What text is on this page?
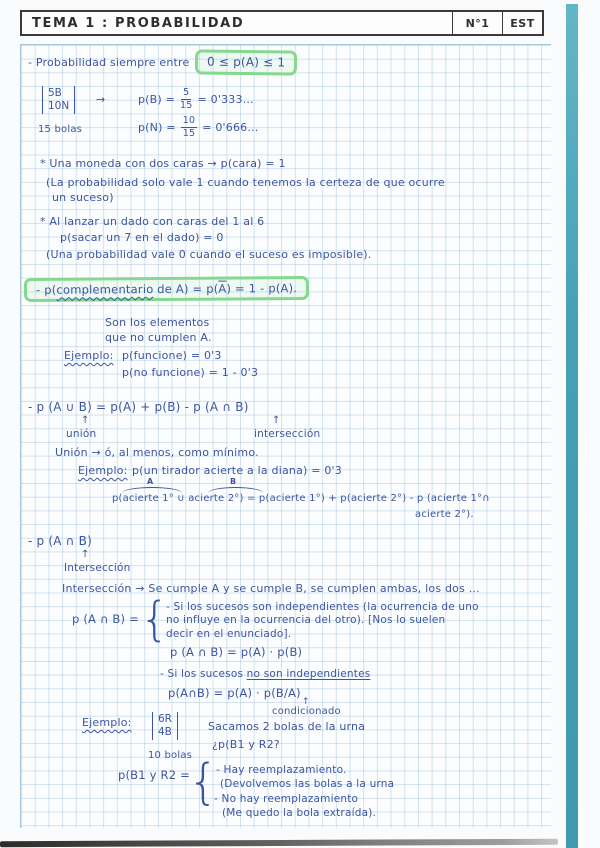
TEMA 1 : PROBABILIDAD	N°1	EST
- Probabilidad siempre entre	0 ≤ p(A) ≤ 1
5B
10N →
15 bolas
$p(B) = \frac{5}{15} = 0'333$...
$p(N) = \frac{10}{15} = 0'666$...
* Una moneda con dos caras → p(cara) = 1
(La probabilidad solo vale 1 cuando tenemos la certeza de que ocurre
un suceso)
* Al lanzar un dado con caras del 1 al 6
p(sacar un 7 en el dado) = 0
(Una probabilidad vale 0 cuando el suceso es imposible).
- p(complementario de $A) = p(\overline{A}) = 1 - p(A)$.
Son los elementos
que no cumplen A.
Ejemplo: p(funcione) = 0'3
p(no funcione) = 1 - 0'3
- p (A ∪ B) = p(A) + p(B) - p (A ∩ B)
↑
unión
↑
intersección
Unión → ó, al menos, como mínimo.
Ejemplo: p(un tirador acierte a la diana) = 0'3
A	B
p(acierte 1° ∪ acierte 2°) = p(acierte 1°) + p(acierte 2°) - p (acierte 1°∩
acierte 2°).
- p (A ∩ B)
↑
Intersección
Intersección → Se cumple A y se cumple B, se cumplen ambas, los dos ...
p (A ∩ B) = {
- Si los sucesos son independientes (la ocurrencia de uno
no influye en la ocurrencia del otro). [Nos lo suelen
decir en el enunciado].
p (A ∩ B) = p(A) · p(B)
- Si los sucesos no son independientes
p(A∩B) = p(A) · p(B/A)
↑
condicionado
Ejemplo:	6R
4B
10 bolas
Sacamos 2 bolas de la urna
¿p(B1 y R2?
p(B1 y R2 =
{
- Hay reemplazamiento.
(Devolvemos las bolas a la urna
- No hay reemplazamiento
(Me quedo la bola extraída).
